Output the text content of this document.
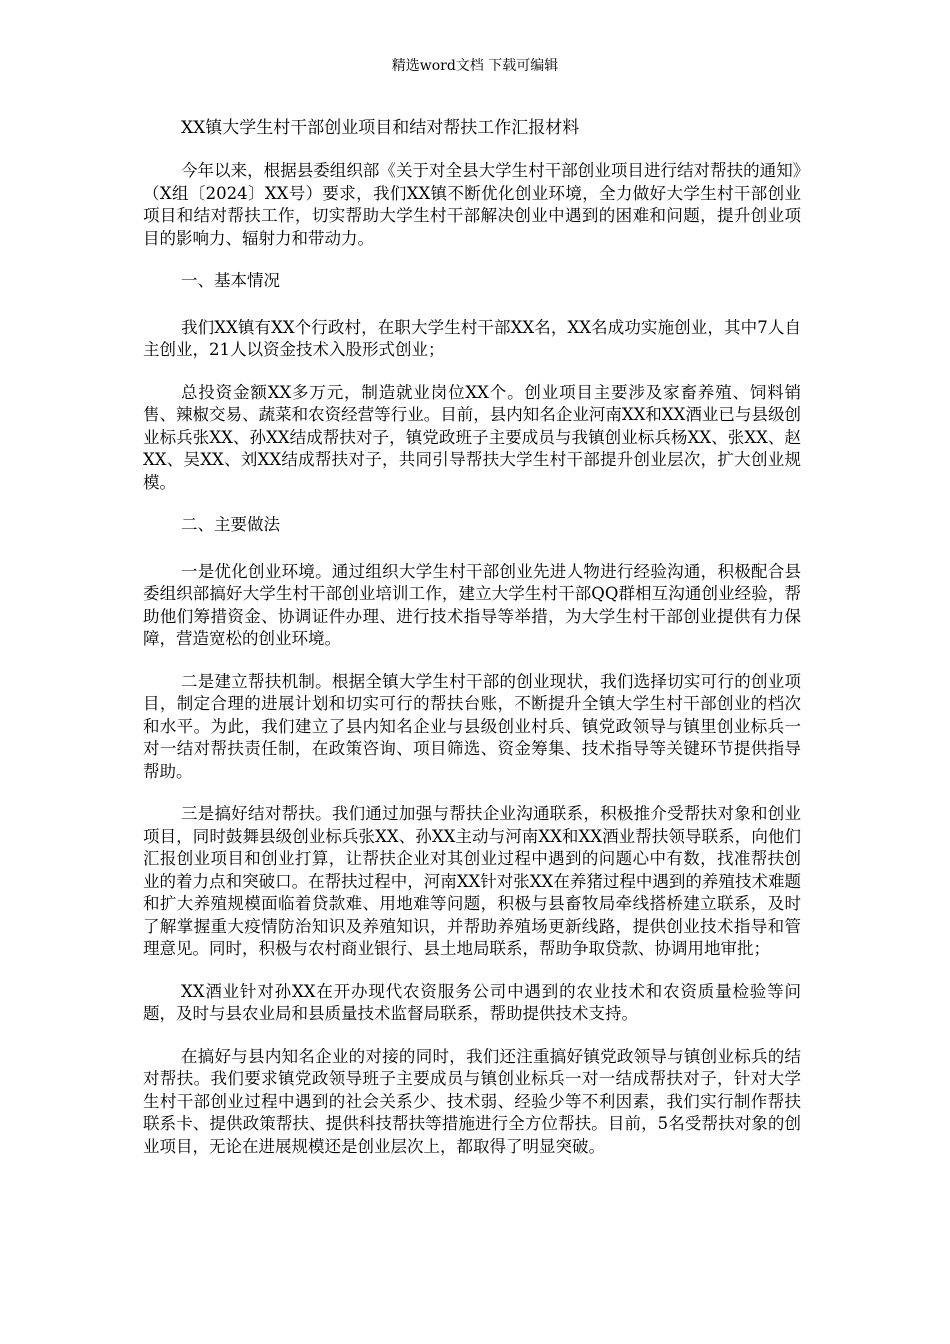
精选word文档 下载可编辑
XX镇大学生村干部创业项目和结对帮扶工作汇报材料

今年以来，根据县委组织部《关于对全县大学生村干部创业项目进行结对帮扶的通知》（X组〔2024〕XX号）要求，我们XX镇不断优化创业环境，全力做好大学生村干部创业项目和结对帮扶工作，切实帮助大学生村干部解决创业中遇到的困难和问题，提升创业项目的影响力、辐射力和带动力。

一、基本情况

我们XX镇有XX个行政村，在职大学生村干部XX名，XX名成功实施创业，其中7人自主创业，21人以资金技术入股形式创业；

总投资金额XX多万元，制造就业岗位XX个。创业项目主要涉及家畜养殖、饲料销售、辣椒交易、蔬菜和农资经营等行业。目前，县内知名企业河南XX和XX酒业已与县级创业标兵张XX、孙XX结成帮扶对子，镇党政班子主要成员与我镇创业标兵杨XX、张XX、赵XX、吴XX、刘XX结成帮扶对子，共同引导帮扶大学生村干部提升创业层次，扩大创业规模。

二、主要做法

一是优化创业环境。通过组织大学生村干部创业先进人物进行经验沟通，积极配合县委组织部搞好大学生村干部创业培训工作，建立大学生村干部QQ群相互沟通创业经验，帮助他们筹措资金、协调证件办理、进行技术指导等举措，为大学生村干部创业提供有力保障，营造宽松的创业环境。

二是建立帮扶机制。根据全镇大学生村干部的创业现状，我们选择切实可行的创业项目，制定合理的进展计划和切实可行的帮扶台账，不断提升全镇大学生村干部创业的档次和水平。为此，我们建立了县内知名企业与县级创业村兵、镇党政领导与镇里创业标兵一对一结对帮扶责任制，在政策咨询、项目筛选、资金筹集、技术指导等关键环节提供指导帮助。

三是搞好结对帮扶。我们通过加强与帮扶企业沟通联系，积极推介受帮扶对象和创业项目，同时鼓舞县级创业标兵张XX、孙XX主动与河南XX和XX酒业帮扶领导联系，向他们汇报创业项目和创业打算，让帮扶企业对其创业过程中遇到的问题心中有数，找准帮扶创业的着力点和突破口。在帮扶过程中，河南XX针对张XX在养猪过程中遇到的养殖技术难题和扩大养殖规模面临着贷款难、用地难等问题，积极与县畜牧局牵线搭桥建立联系，及时了解掌握重大疫情防治知识及养殖知识，并帮助养殖场更新线路，提供创业技术指导和管理意见。同时，积极与农村商业银行、县土地局联系，帮助争取贷款、协调用地审批；

XX酒业针对孙XX在开办现代农资服务公司中遇到的农业技术和农资质量检验等问题，及时与县农业局和县质量技术监督局联系，帮助提供技术支持。

在搞好与县内知名企业的对接的同时，我们还注重搞好镇党政领导与镇创业标兵的结对帮扶。我们要求镇党政领导班子主要成员与镇创业标兵一对一结成帮扶对子，针对大学生村干部创业过程中遇到的社会关系少、技术弱、经验少等不利因素，我们实行制作帮扶联系卡、提供政策帮扶、提供科技帮扶等措施进行全方位帮扶。目前，5名受帮扶对象的创业项目，无论在进展规模还是创业层次上，都取得了明显突破。
